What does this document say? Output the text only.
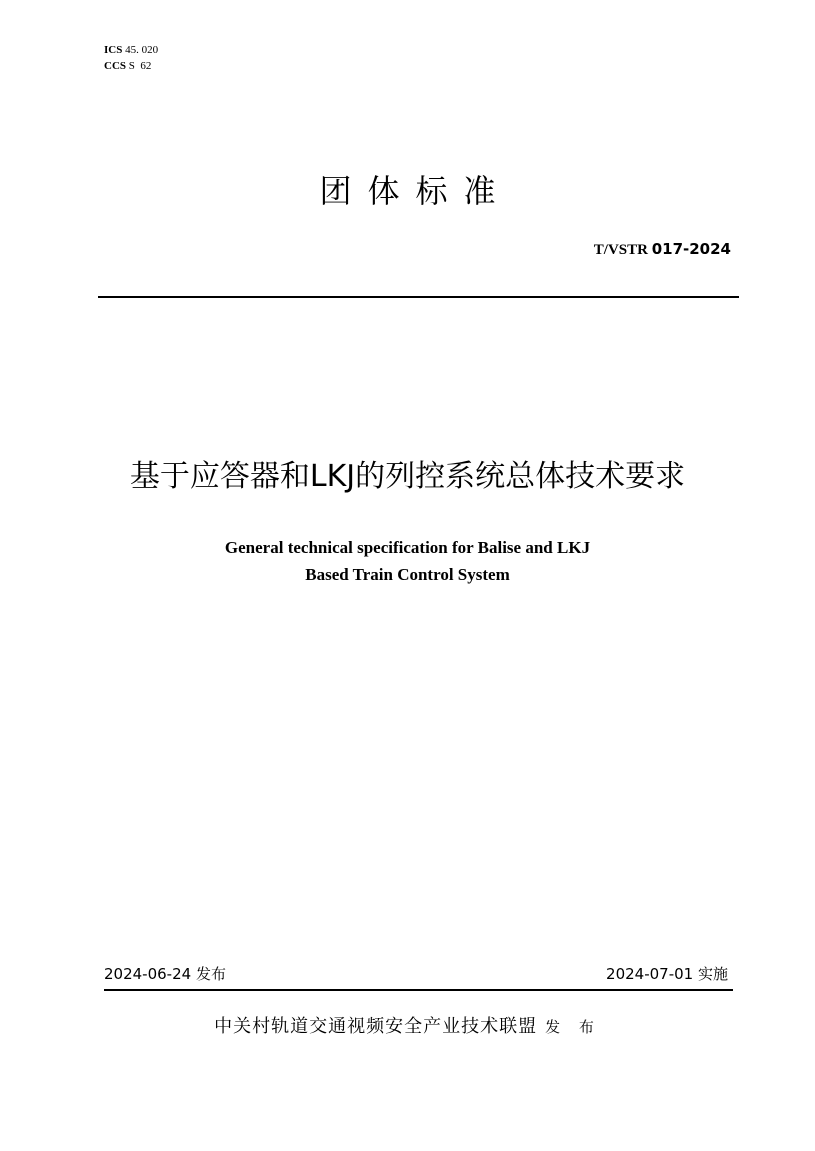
ICS 45. 020
CCS S  62
团体标准
T/VSTR 017-2024
基于应答器和LKJ的列控系统总体技术要求
General technical specification for Balise and LKJ
Based Train Control System
2024-06-24 发布	2024-07-01 实施
中关村轨道交通视频安全产业技术联盟 发 布
